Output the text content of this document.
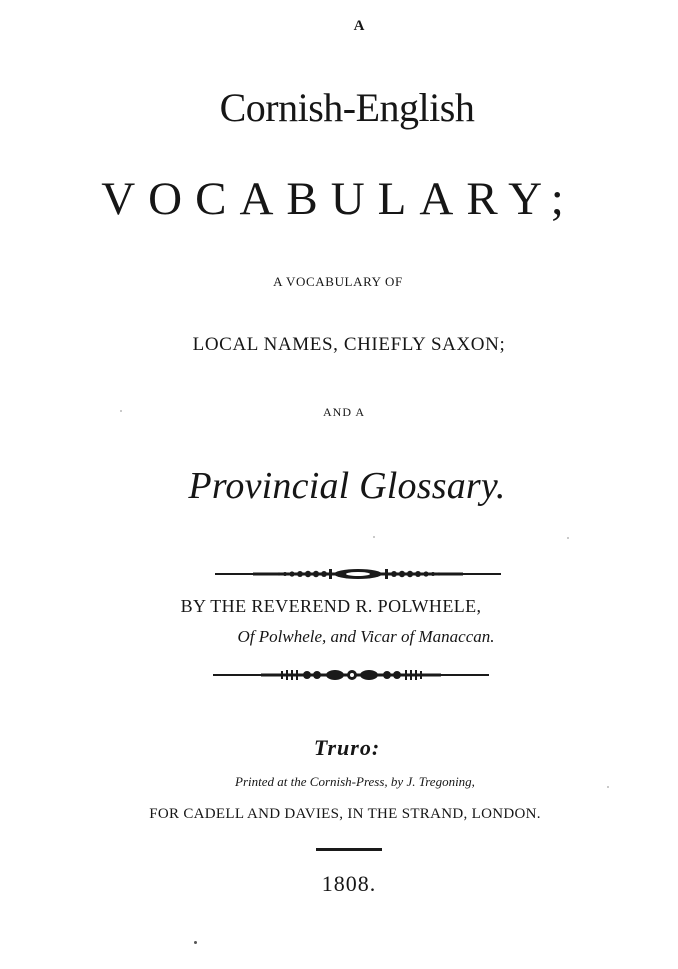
A
Cornish-English
VOCABULARY;
A VOCABULARY OF
LOCAL NAMES, CHIEFLY SAXON;
AND A
Provincial Glossary.
BY THE REVEREND R. POLWHELE,
Of Polwhele, and Vicar of Manaccan.
Truro:
Printed at the Cornish-Press, by J. Tregoning,
FOR CADELL AND DAVIES, IN THE STRAND, LONDON.
1808.
